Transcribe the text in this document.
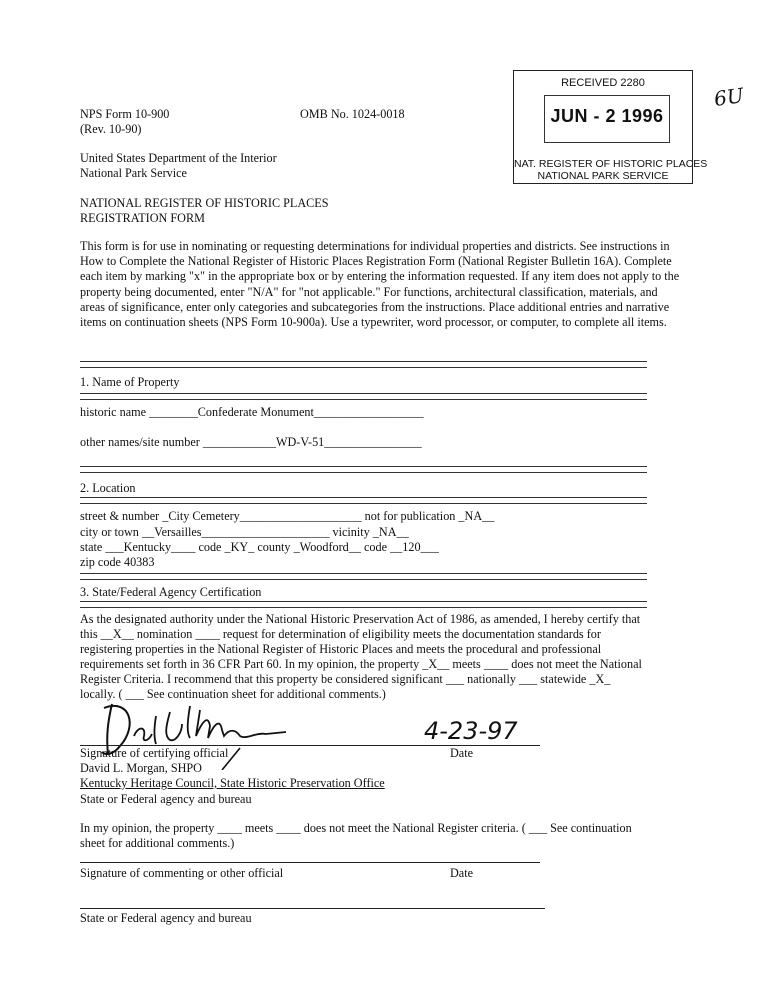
NPS Form 10-900
(Rev. 10-90)
OMB No. 1024-0018
United States Department of the Interior
National Park Service
NATIONAL REGISTER OF HISTORIC PLACES
REGISTRATION FORM
RECEIVED 2280
JUN - 2 1996
NAT. REGISTER OF HISTORIC PLACES
NATIONAL PARK SERVICE
6U
This form is for use in nominating or requesting determinations for individual properties and districts. See instructions in How to Complete the National Register of Historic Places Registration Form (National Register Bulletin 16A). Complete each item by marking "x" in the appropriate box or by entering the information requested. If any item does not apply to the property being documented, enter "N/A" for "not applicable." For functions, architectural classification, materials, and areas of significance, enter only categories and subcategories from the instructions. Place additional entries and narrative items on continuation sheets (NPS Form 10-900a). Use a typewriter, word processor, or computer, to complete all items.
1. Name of Property
historic name ________Confederate Monument__________________
other names/site number ____________WD-V-51________________
2. Location
street & number _City Cemetery____________________ not for publication _NA__
city or town __Versailles_____________________ vicinity _NA__
state ___Kentucky____ code _KY_ county _Woodford__ code __120___
zip code 40383
3. State/Federal Agency Certification
As the designated authority under the National Historic Preservation Act of 1986, as amended, I hereby certify that
this __X__ nomination ____ request for determination of eligibility meets the documentation standards for
registering properties in the National Register of Historic Places and meets the procedural and professional
requirements set forth in 36 CFR Part 60. In my opinion, the property _X__ meets ____ does not meet the National
Register Criteria. I recommend that this property be considered significant ___ nationally ___ statewide _X_
locally. ( ___ See continuation sheet for additional comments.)
4-23-97
Signature of certifying official	Date
David L. Morgan, SHPO
Kentucky Heritage Council, State Historic Preservation Office
State or Federal agency and bureau
In my opinion, the property ____ meets ____ does not meet the National Register criteria. ( ___ See continuation
sheet for additional comments.)
Signature of commenting or other official	Date
State or Federal agency and bureau
